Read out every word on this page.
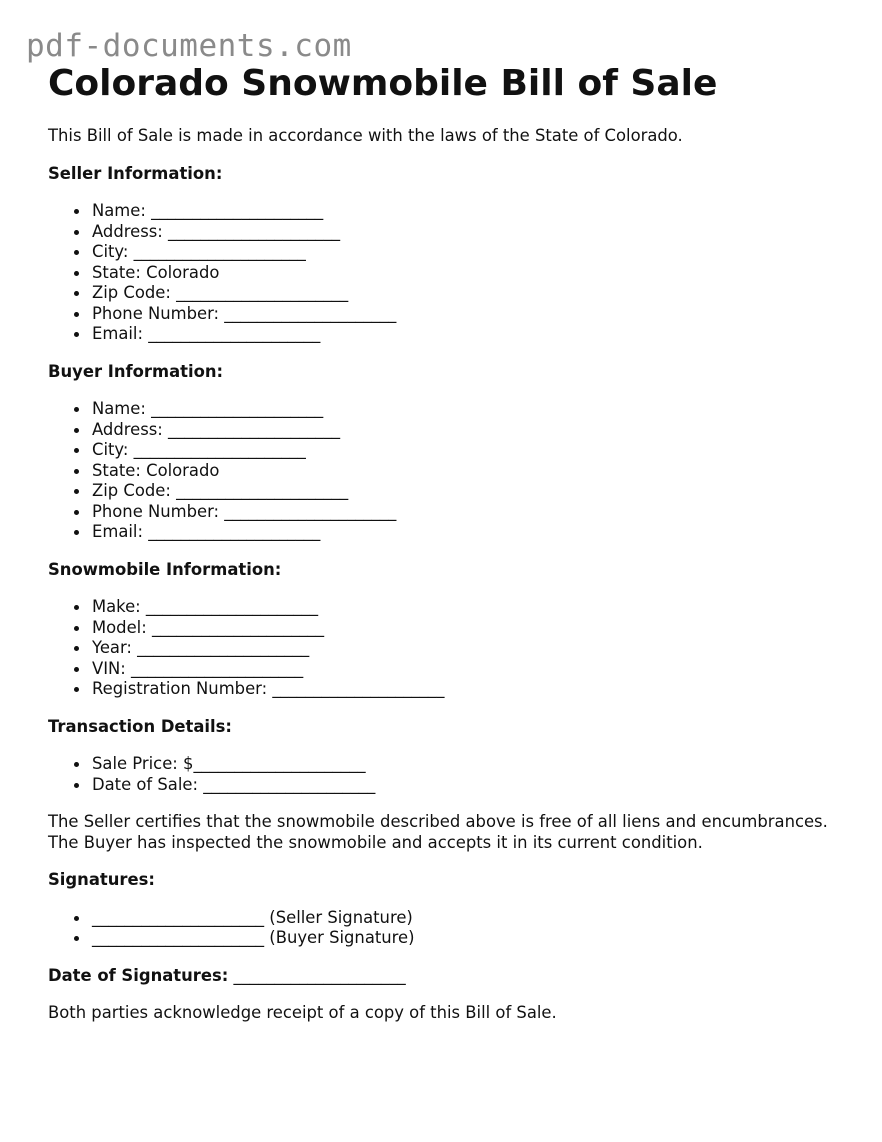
pdf-documents.com
Colorado Snowmobile Bill of Sale

This Bill of Sale is made in accordance with the laws of the State of Colorado.

Seller Information:

Name: _____________________
Address: _____________________
City: _____________________
State: Colorado
Zip Code: _____________________
Phone Number: _____________________
Email: _____________________

Buyer Information:

Name: _____________________
Address: _____________________
City: _____________________
State: Colorado
Zip Code: _____________________
Phone Number: _____________________
Email: _____________________

Snowmobile Information:

Make: _____________________
Model: _____________________
Year: _____________________
VIN: _____________________
Registration Number: _____________________

Transaction Details:

Sale Price: $_____________________
Date of Sale: _____________________

The Seller certifies that the snowmobile described above is free of all liens and encumbrances. The Buyer has inspected the snowmobile and accepts it in its current condition.

Signatures:

_____________________ (Seller Signature)
_____________________ (Buyer Signature)

Date of Signatures: _____________________

Both parties acknowledge receipt of a copy of this Bill of Sale.
